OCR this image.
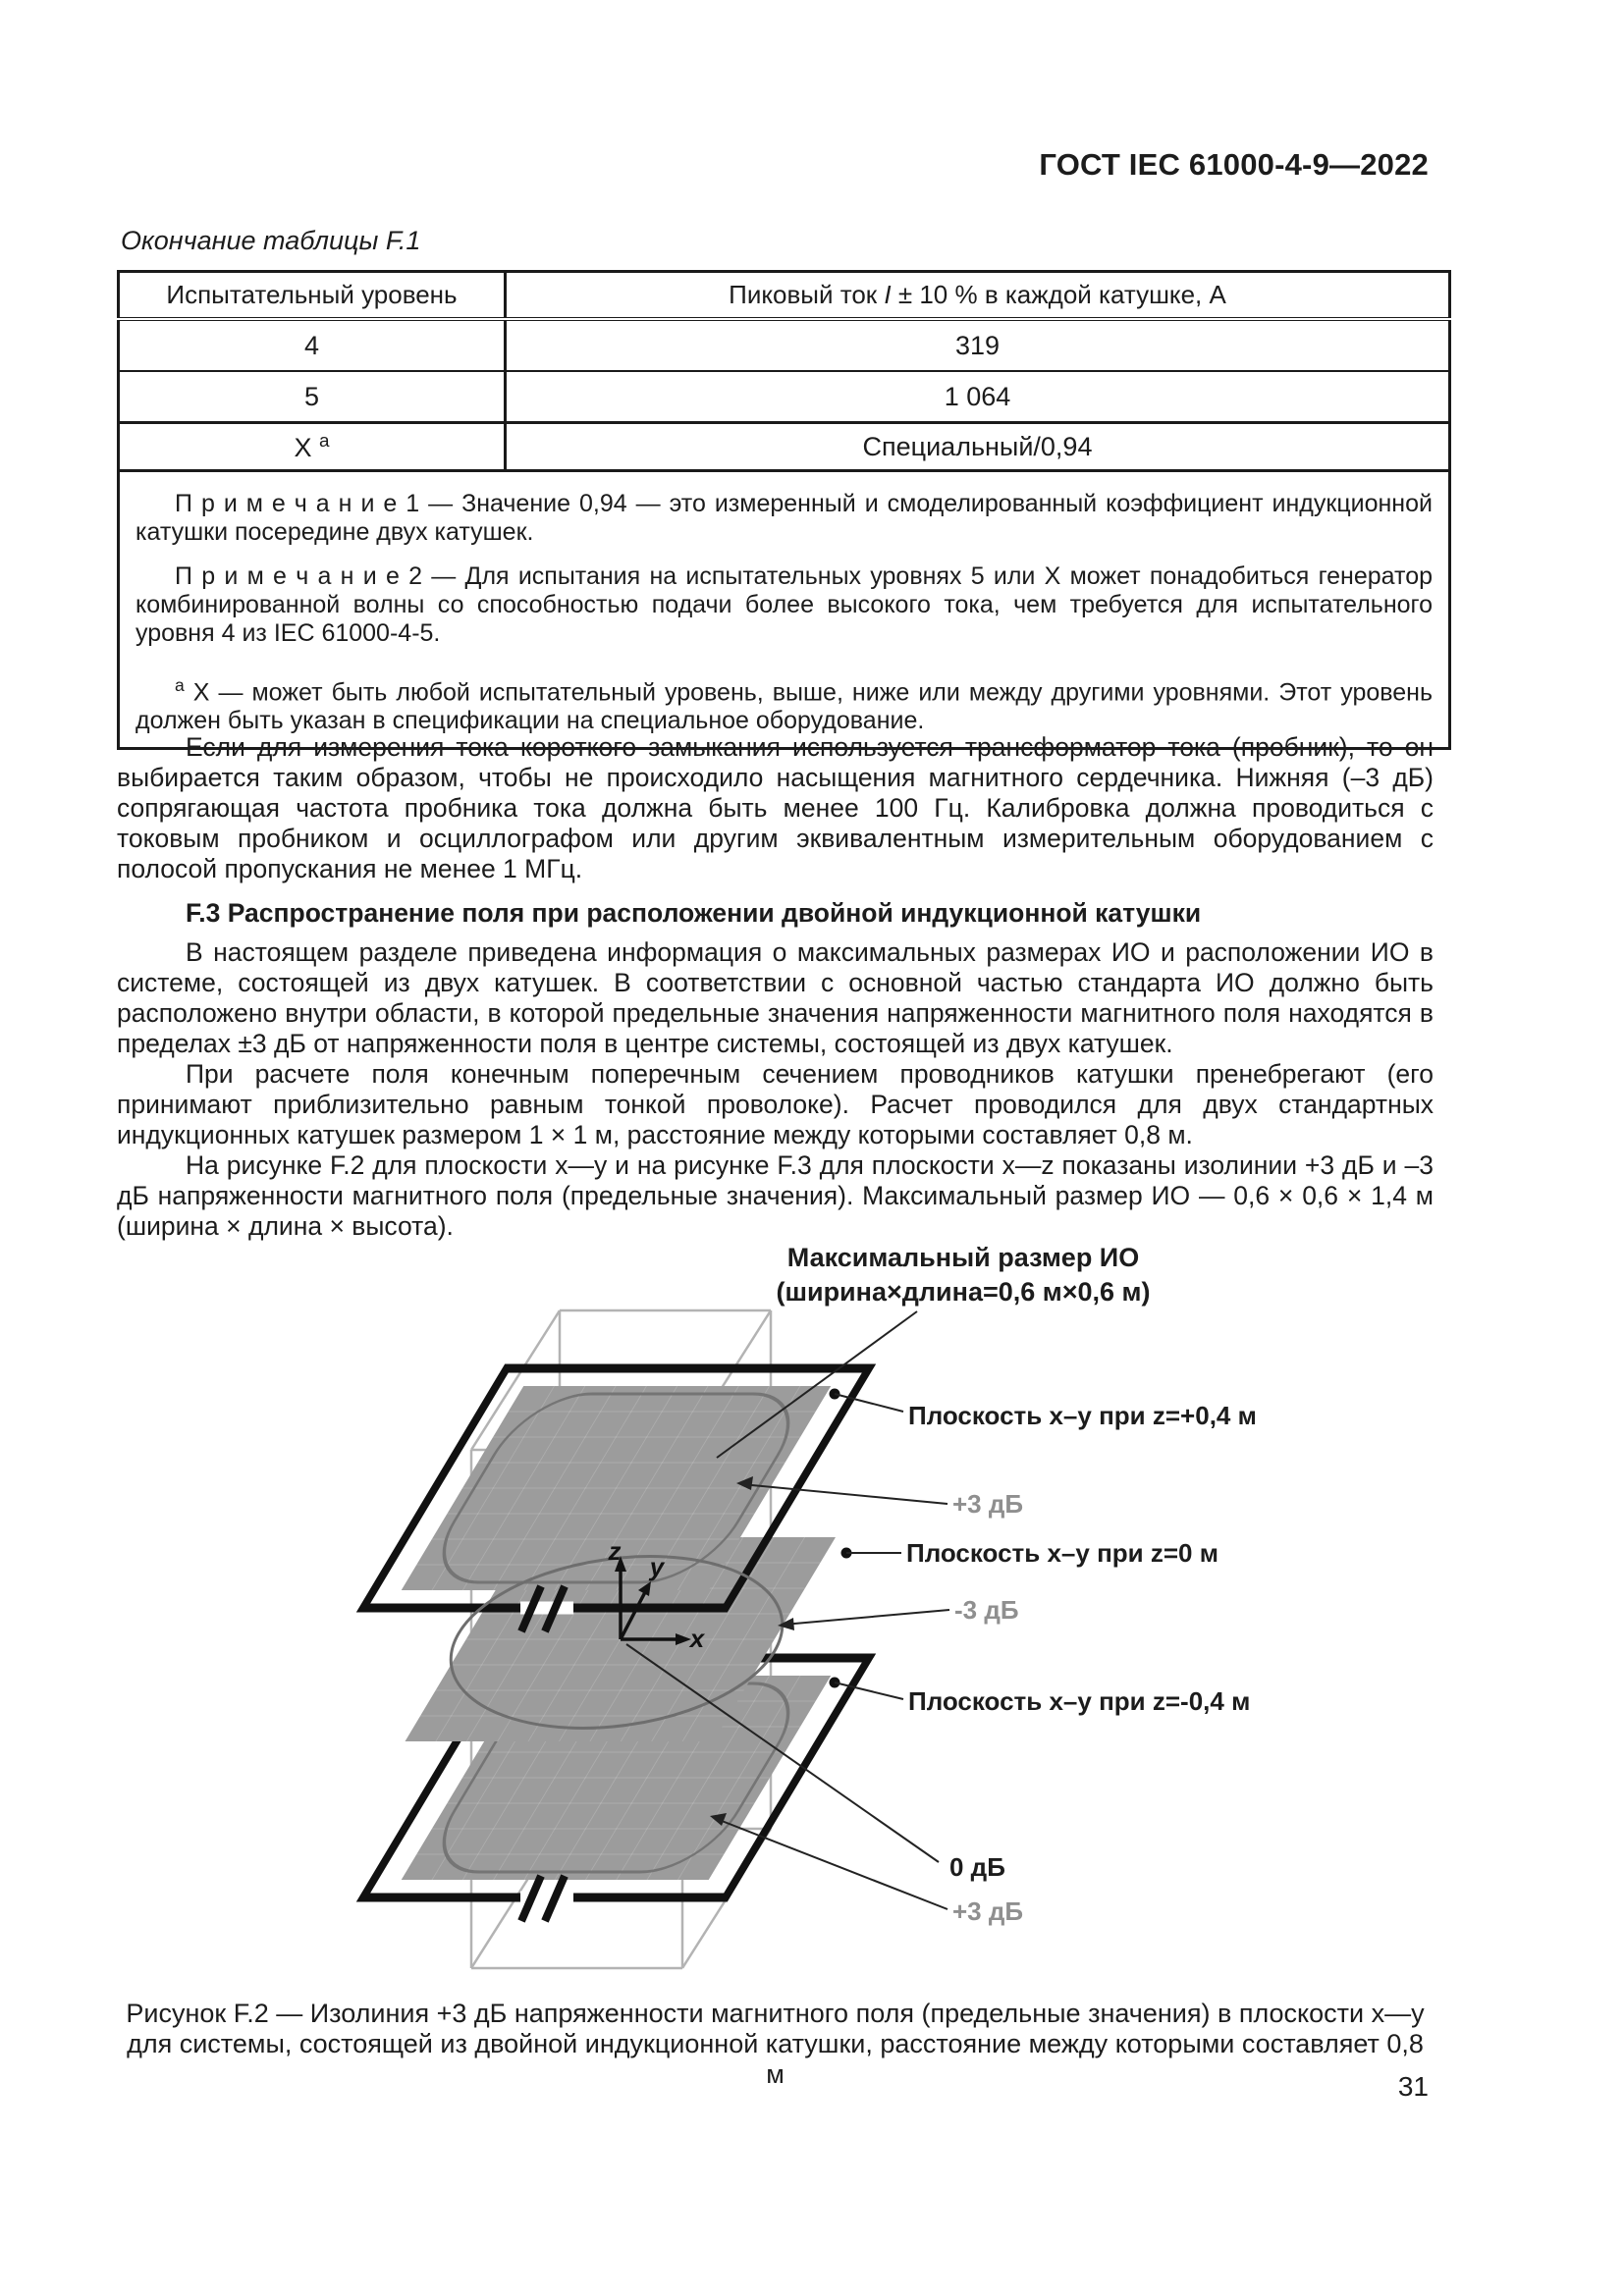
ГОСТ IEC 61000-4-9—2022
Окончание таблицы F.1
Испытательный уровень	Пиковый ток I ± 10 % в каждой катушке, А
4	319
5	1 064
X $^a$	Специальный/0,94

П р и м е ч а н и е 1 — Значение 0,94 — это измеренный и смоделированный коэффициент индукционной катушки посередине двух катушек.

П р и м е ч а н и е 2 — Для испытания на испытательных уровнях 5 или X может понадобиться генератор комбинированной волны со способностью подачи более высокого тока, чем требуется для испытательного уровня 4 из IEC 61000-4-5.

$^a$ X — может быть любой испытательный уровень, выше, ниже или между другими уровнями. Этот уровень должен быть указан в спецификации на специальное оборудование.	

Если для измерения тока короткого замыкания используется трансформатор тока (пробник), то он выбирается таким образом, чтобы не происходило насыщения магнитного сердечника. Нижняя (–3 дБ) сопрягающая частота пробника тока должна быть менее 100 Гц. Калибровка должна проводиться с токовым пробником и осциллографом или другим эквивалентным измерительным оборудованием с полосой пропускания не менее 1 МГц.

F.3 Распространение поля при расположении двойной индукционной катушки

В настоящем разделе приведена информация о максимальных размерах ИО и расположении ИО в системе, состоящей из двух катушек. В соответствии с основной частью стандарта ИО должно быть расположено внутри области, в которой предельные значения напряженности магнитного поля находятся в пределах ±3 дБ от напряженности поля в центре системы, состоящей из двух катушек.

При расчете поля конечным поперечным сечением проводников катушки пренебрегают (его принимают приблизительно равным тонкой проволоке). Расчет проводился для двух стандартных индукционных катушек размером 1 × 1 м, расстояние между которыми составляет 0,8 м.

На рисунке F.2 для плоскости x—y и на рисунке F.3 для плоскости x—z показаны изолинии +3 дБ и –3 дБ напряженности магнитного поля (предельные значения). Максимальный размер ИО — 0,6 × 0,6 × 1,4 м (ширина × длина × высота).

z
y
x
Максимальный размер ИО
(ширина×длина=0,6 м×0,6 м)
Плоскость x–y при z=+0,4 м
+3 дБ
Плоскость x–y при z=0 м
-3 дБ
Плоскость x–y при z=-0,4 м
0 дБ
+3 дБ
Рисунок F.2 — Изолиния +3 дБ напряженности магнитного поля (предельные значения) в плоскости x—y
для системы, состоящей из двойной индукционной катушки, расстояние между которыми составляет 0,8 м	31
